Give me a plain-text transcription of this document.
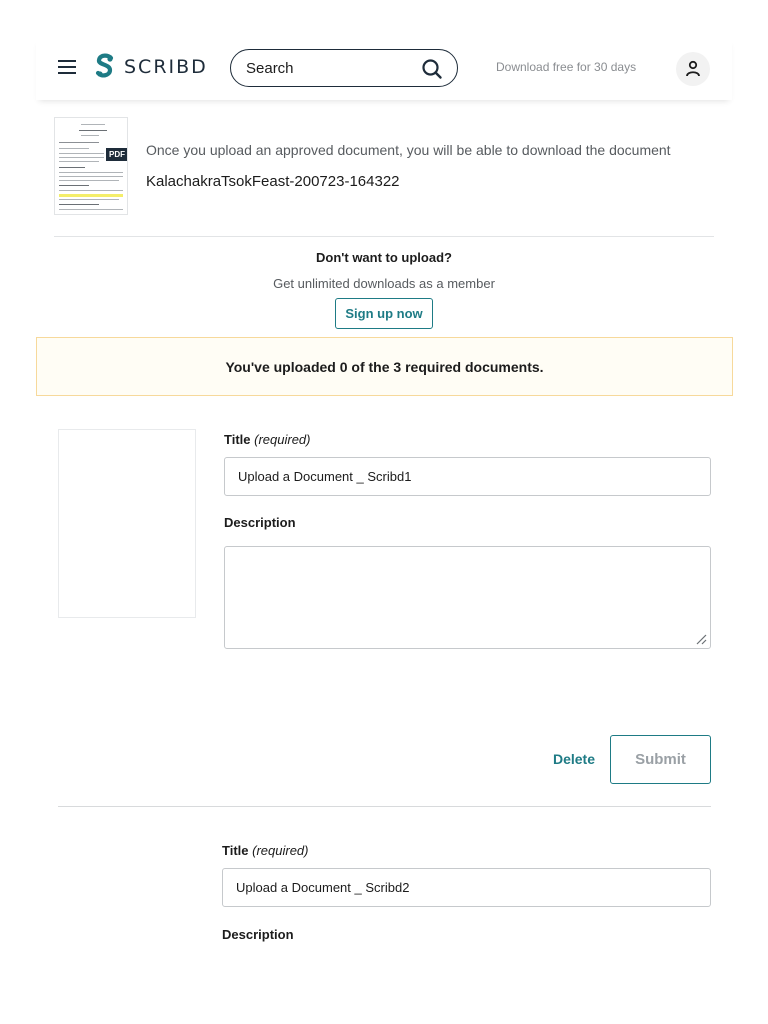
SCRIBD
Search	Download free for 30 days
PDF Once you upload an approved document, you will be able to download the document
KalachakraTsokFeast-200723-164322
Don't want to upload?
Get unlimited downloads as a member
Sign up now
You've uploaded 0 of the 3 required documents.
Title (required)
Upload a Document _ Scribd1
Description
Delete	Submit
Title (required)
Upload a Document _ Scribd2
Description
